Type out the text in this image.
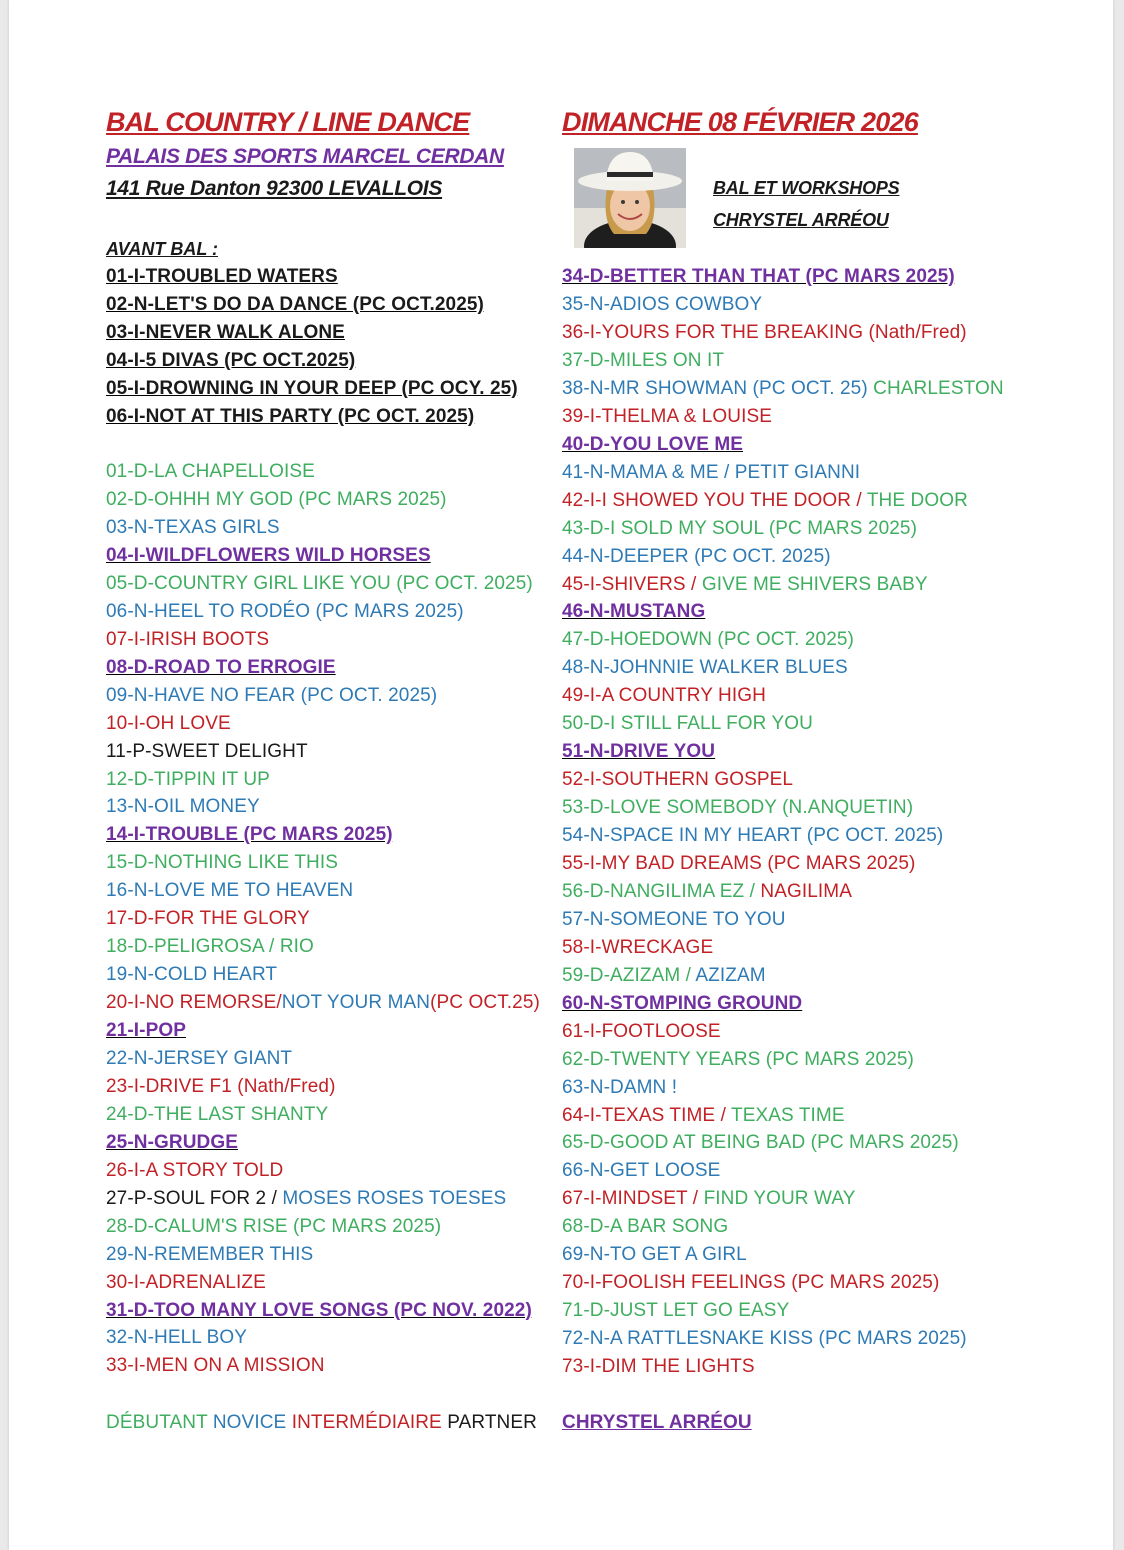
BAL COUNTRY / LINE DANCE	DIMANCHE 08 FÉVRIER 2026
PALAIS DES SPORTS MARCEL CERDAN
141 Rue Danton 92300 LEVALLOIS	BAL ET WORKSHOPS
CHRYSTEL ARRÉOU
AVANT BAL :
01-I-TROUBLED WATERS
02-N-LET'S DO DA DANCE (PC OCT.2025)
03-I-NEVER WALK ALONE
04-I-5 DIVAS (PC OCT.2025)
05-I-DROWNING IN YOUR DEEP (PC OCY. 25)
06-I-NOT AT THIS PARTY (PC OCT. 2025)
01-D-LA CHAPELLOISE
02-D-OHHH MY GOD (PC MARS 2025)
03-N-TEXAS GIRLS
04-I-WILDFLOWERS WILD HORSES
05-D-COUNTRY GIRL LIKE YOU (PC OCT. 2025)
06-N-HEEL TO RODÉO (PC MARS 2025)
07-I-IRISH BOOTS
08-D-ROAD TO ERROGIE
09-N-HAVE NO FEAR (PC OCT. 2025)
10-I-OH LOVE
11-P-SWEET DELIGHT
12-D-TIPPIN IT UP
13-N-OIL MONEY
14-I-TROUBLE (PC MARS 2025)
15-D-NOTHING LIKE THIS
16-N-LOVE ME TO HEAVEN
17-D-FOR THE GLORY
18-D-PELIGROSA / RIO
19-N-COLD HEART
20-I-NO REMORSE/NOT YOUR MAN(PC OCT.25)
21-I-POP
22-N-JERSEY GIANT
23-I-DRIVE F1 (Nath/Fred)
24-D-THE LAST SHANTY
25-N-GRUDGE
26-I-A STORY TOLD
27-P-SOUL FOR 2 / MOSES ROSES TOESES
28-D-CALUM'S RISE (PC MARS 2025)
29-N-REMEMBER THIS
30-I-ADRENALIZE
31-D-TOO MANY LOVE SONGS (PC NOV. 2022)
32-N-HELL BOY
33-I-MEN ON A MISSION
34-D-BETTER THAN THAT (PC MARS 2025)
35-N-ADIOS COWBOY
36-I-YOURS FOR THE BREAKING (Nath/Fred)
37-D-MILES ON IT
38-N-MR SHOWMAN (PC OCT. 25) CHARLESTON
39-I-THELMA & LOUISE
40-D-YOU LOVE ME
41-N-MAMA & ME / PETIT GIANNI
42-I-I SHOWED YOU THE DOOR / THE DOOR
43-D-I SOLD MY SOUL (PC MARS 2025)
44-N-DEEPER (PC OCT. 2025)
45-I-SHIVERS / GIVE ME SHIVERS BABY
46-N-MUSTANG
47-D-HOEDOWN (PC OCT. 2025)
48-N-JOHNNIE WALKER BLUES
49-I-A COUNTRY HIGH
50-D-I STILL FALL FOR YOU
51-N-DRIVE YOU
52-I-SOUTHERN GOSPEL
53-D-LOVE SOMEBODY (N.ANQUETIN)
54-N-SPACE IN MY HEART (PC OCT. 2025)
55-I-MY BAD DREAMS (PC MARS 2025)
56-D-NANGILIMA EZ / NAGILIMA
57-N-SOMEONE TO YOU
58-I-WRECKAGE
59-D-AZIZAM / AZIZAM
60-N-STOMPING GROUND
61-I-FOOTLOOSE
62-D-TWENTY YEARS (PC MARS 2025)
63-N-DAMN !
64-I-TEXAS TIME / TEXAS TIME
65-D-GOOD AT BEING BAD (PC MARS 2025)
66-N-GET LOOSE
67-I-MINDSET / FIND YOUR WAY
68-D-A BAR SONG
69-N-TO GET A GIRL
70-I-FOOLISH FEELINGS (PC MARS 2025)
71-D-JUST LET GO EASY
72-N-A RATTLESNAKE KISS (PC MARS 2025)
73-I-DIM THE LIGHTS
DÉBUTANT NOVICE INTERMÉDIAIRE PARTNER CHRYSTEL ARRÉOU
